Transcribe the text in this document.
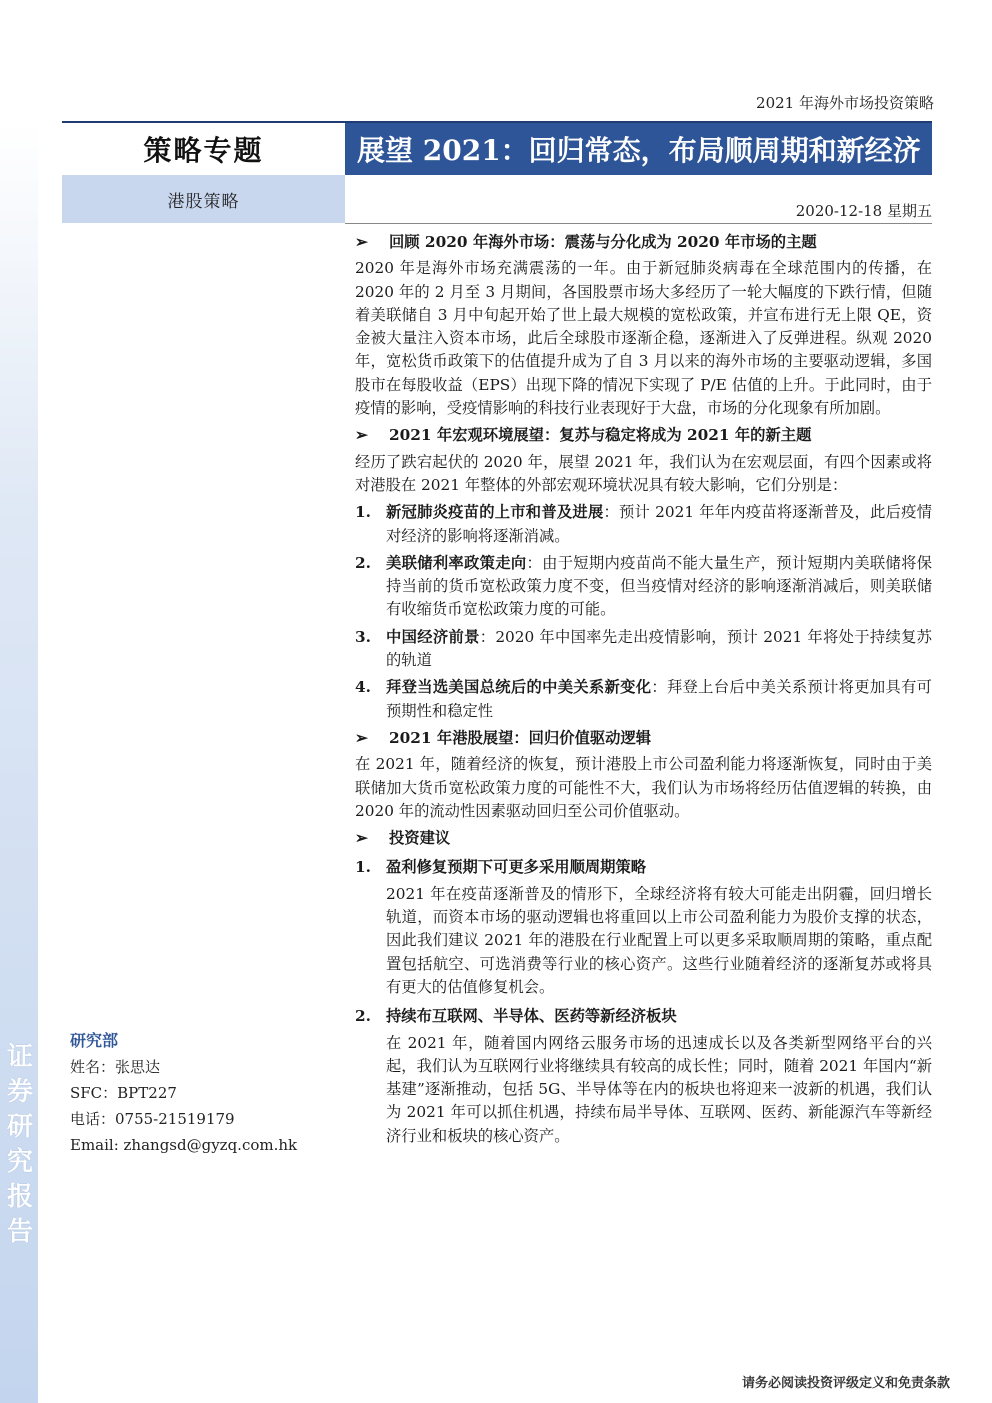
证
券
研
究
报
告
2021 年海外市场投资策略
策略专题	展望 2021：回归常态，布局顺周期和新经济
港股策略	2020-12-18 星期五
➢	回顾 2020 年海外市场：震荡与分化成为 2020 年市场的主题

2020 年是海外市场充满震荡的一年。由于新冠肺炎病毒在全球范围内的传播，在 2020 年的 2 月至 3 月期间，各国股票市场大多经历了一轮大幅度的下跌行情，但随着美联储自 3 月中旬起开始了世上最大规模的宽松政策，并宣布进行无上限 QE，资金被大量注入资本市场，此后全球股市逐渐企稳，逐渐进入了反弹进程。纵观 2020 年，宽松货币政策下的估值提升成为了自 3 月以来的海外市场的主要驱动逻辑，多国股市在每股收益（EPS）出现下降的情况下实现了 P/E 估值的上升。于此同时，由于疫情的影响，受疫情影响的科技行业表现好于大盘，市场的分化现象有所加剧。

➢	2021 年宏观环境展望：复苏与稳定将成为 2021 年的新主题

经历了跌宕起伏的 2020 年，展望 2021 年，我们认为在宏观层面，有四个因素或将对港股在 2021 年整体的外部宏观环境状况具有较大影响，它们分别是：

1. 新冠肺炎疫苗的上市和普及进展：预计 2021 年年内疫苗将逐渐普及，此后疫情对经济的影响将逐渐消减。
2. 美联储利率政策走向：由于短期内疫苗尚不能大量生产，预计短期内美联储将保持当前的货币宽松政策力度不变，但当疫情对经济的影响逐渐消减后，则美联储有收缩货币宽松政策力度的可能。
3. 中国经济前景：2020 年中国率先走出疫情影响，预计 2021 年将处于持续复苏的轨道
4. 拜登当选美国总统后的中美关系新变化：拜登上台后中美关系预计将更加具有可预期性和稳定性
➢	2021 年港股展望：回归价值驱动逻辑

在 2021 年，随着经济的恢复，预计港股上市公司盈利能力将逐渐恢复，同时由于美联储加大货币宽松政策力度的可能性不大，我们认为市场将经历估值逻辑的转换，由 2020 年的流动性因素驱动回归至公司价值驱动。

➢	投资建议
1. 盈利修复预期下可更多采用顺周期策略

2021 年在疫苗逐渐普及的情形下，全球经济将有较大可能走出阴霾，回归增长轨道，而资本市场的驱动逻辑也将重回以上市公司盈利能力为股价支撑的状态，因此我们建议 2021 年的港股在行业配置上可以更多采取顺周期的策略，重点配置包括航空、可选消费等行业的核心资产。这些行业随着经济的逐渐复苏或将具有更大的估值修复机会。

2. 持续布互联网、半导体、医药等新经济板块

在 2021 年，随着国内网络云服务市场的迅速成长以及各类新型网络平台的兴起，我们认为互联网行业将继续具有较高的成长性；同时，随着 2021 年国内“新基建”逐渐推动，包括 5G、半导体等在内的板块也将迎来一波新的机遇，我们认为 2021 年可以抓住机遇，持续布局半导体、互联网、医药、新能源汽车等新经济行业和板块的核心资产。

研究部
姓名：张思达
SFC：BPT227
电话：0755-21519179
Email: zhangsd@gyzq.com.hk
请务必阅读投资评级定义和免责条款
